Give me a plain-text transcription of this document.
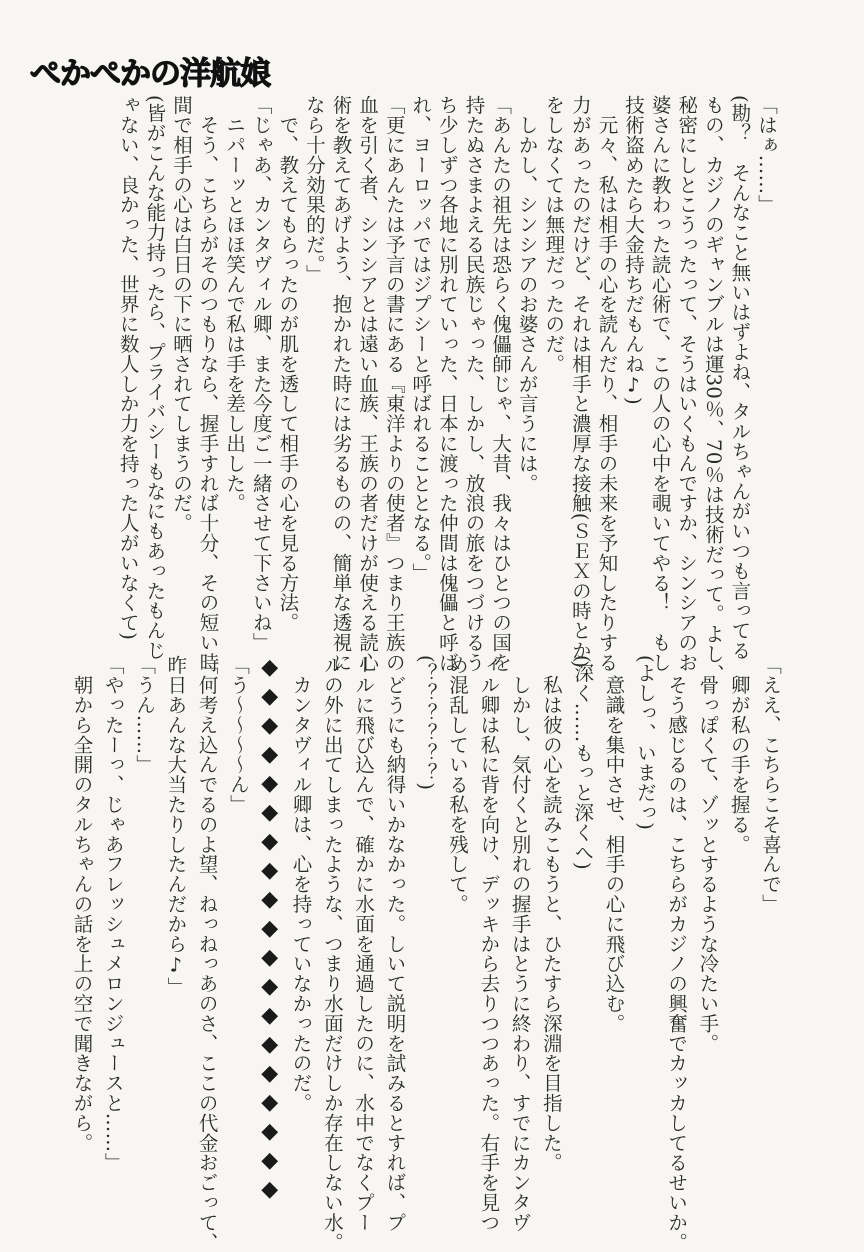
ぺかぺかの洋航娘
「はぁ……」
(勘？　そんなこと無いはずよね、タルちゃんがいつも言ってる
もの、カジノのギャンブルは運30％、70％は技術だって。よし、
秘密にしとこうったって、そうはいくもんですか、シンシアのお
婆さんに教わった読心術で、この人の心中を覗いてやる！　もし
技術盗めたら大金持ちだもんね♪)
　元々、私は相手の心を読んだり、相手の未来を予知したりする
力があったのだけど、それは相手と濃厚な接触(ＳＥＸの時とか)
をしなくては無理だったのだ。
　しかし、シンシアのお婆さんが言うには。
「あんたの祖先は恐らく傀儡師じゃ、大昔、我々はひとつの国を
持たぬさまよえる民族じゃった、しかし、放浪の旅をつづけるう
ち少しずつ各地に別れていった、日本に渡った仲間は傀儡と呼ば
れ、ヨーロッパではジプシーと呼ばれることとなる。」
「更にあんたは予言の書にある『東洋よりの使者』つまり王族の
血を引く者、シンシアとは遠い血族、王族の者だけが使える読心
術を教えてあげよう、抱かれた時には劣るものの、簡単な透視に
なら十分効果的だ。」
　で、教えてもらったのが肌を透して相手の心を見る方法。
「じゃあ、カンタヴィル卿、また今度ご一緒させて下さいね」
　ニパーッとほほ笑んで私は手を差し出した。
　そう、こちらがそのつもりなら、握手すれば十分、その短い時
間で相手の心は白日の下に晒されてしまうのだ。
(皆がこんな能力持ったら、プライバシーもなにもあったもんじ
ゃない、良かった、世界に数人しか力を持った人がいなくて)
「ええ、こちらこそ喜んで」
　卿が私の手を握る。
　骨っぽくて、ゾッとするような冷たい手。
　そう感じるのは、こちらがカジノの興奮でカッカしてるせいか。
(よしっ、いまだっ)
　意識を集中させ、相手の心に飛び込む。
(深く……もっと深くへ)
　私は彼の心を読みこもうと、ひたすら深淵を目指した。
　しかし、気付くと別れの握手はとうに終わり、すでにカンタヴ
ィル卿は私に背を向け、デッキから去りつつあった。右手を見つ
め混乱している私を残して。
(？？？？？？)
　どうにも納得いかなかった。しいて説明を試みるとすれば、プ
ールに飛び込んで、確かに水面を通過したのに、水中でなくプー
ルの外に出てしまったような、つまり水面だけしか存在しない水。
　カンタヴィル卿は、心を持っていなかったのだ。
◆◆◆◆◆◆◆◆◆◆◆◆◆◆◆◆◆◆◆
「う〜〜〜〜ん」
「何考え込んでるのよ望、ねっねっあのさ、ここの代金おごって、
昨日あんな大当たりしたんだから♪」
「うん……」
「やったーっ、じゃあフレッシュメロンジュースと……」
　朝から全開のタルちゃんの話を上の空で聞きながら。
